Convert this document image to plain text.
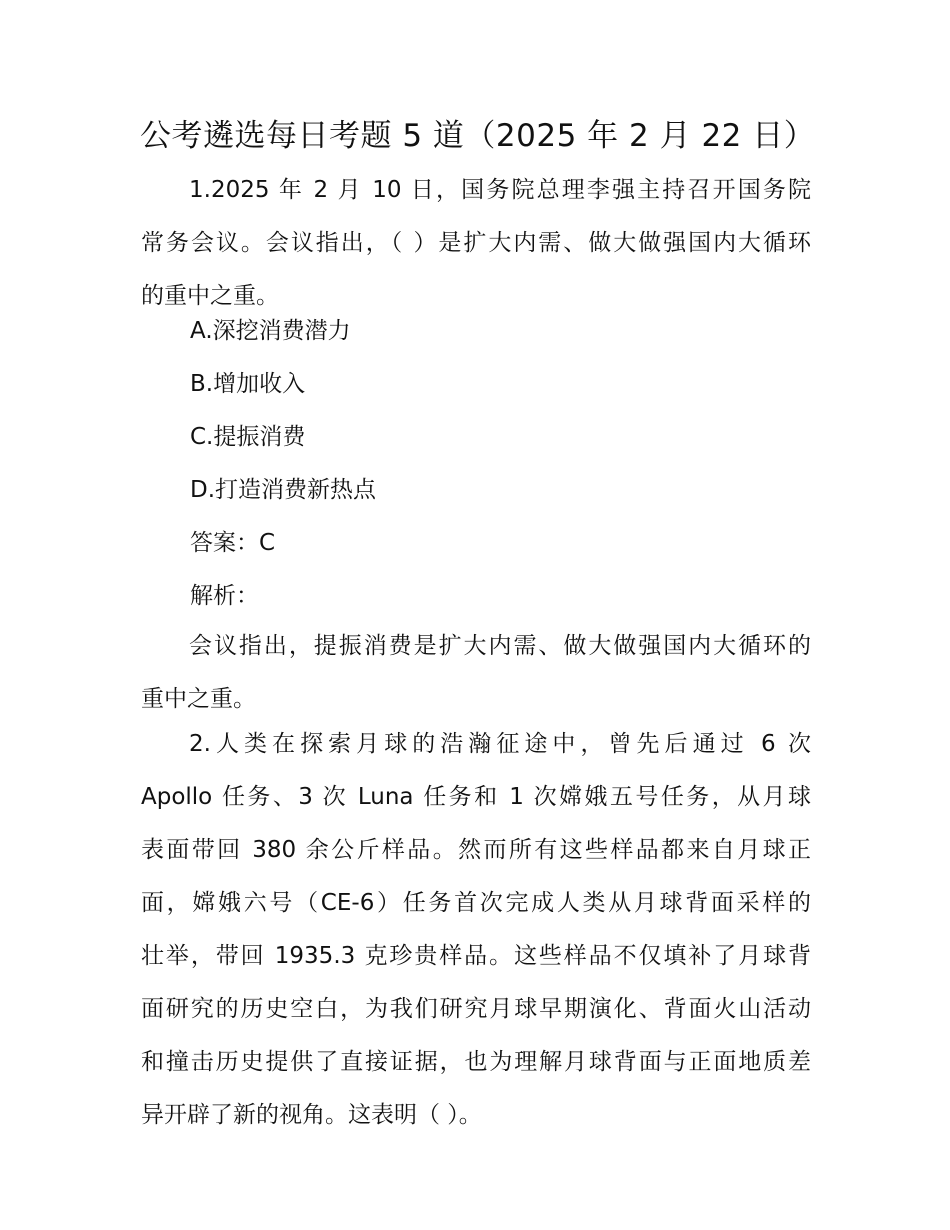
公考遴选每日考题 5 道（2025 年 2 月 22 日）
1.2025 年 2 月 10 日，国务院总理李强主持召开国务院
常务会议。会议指出，（ ）是扩大内需、做大做强国内大循环
的重中之重。
A.深挖消费潜力
B.增加收入
C.提振消费
D.打造消费新热点
答案：C
解析：
会议指出，提振消费是扩大内需、做大做强国内大循环的
重中之重。
2.人类在探索月球的浩瀚征途中，曾先后通过 6 次
Apollo 任务、3 次 Luna 任务和 1 次嫦娥五号任务，从月球
表面带回 380 余公斤样品。然而所有这些样品都来自月球正
面，嫦娥六号（CE-6）任务首次完成人类从月球背面采样的
壮举，带回 1935.3 克珍贵样品。这些样品不仅填补了月球背
面研究的历史空白，为我们研究月球早期演化、背面火山活动
和撞击历史提供了直接证据，也为理解月球背面与正面地质差
异开辟了新的视角。这表明（ ）。
